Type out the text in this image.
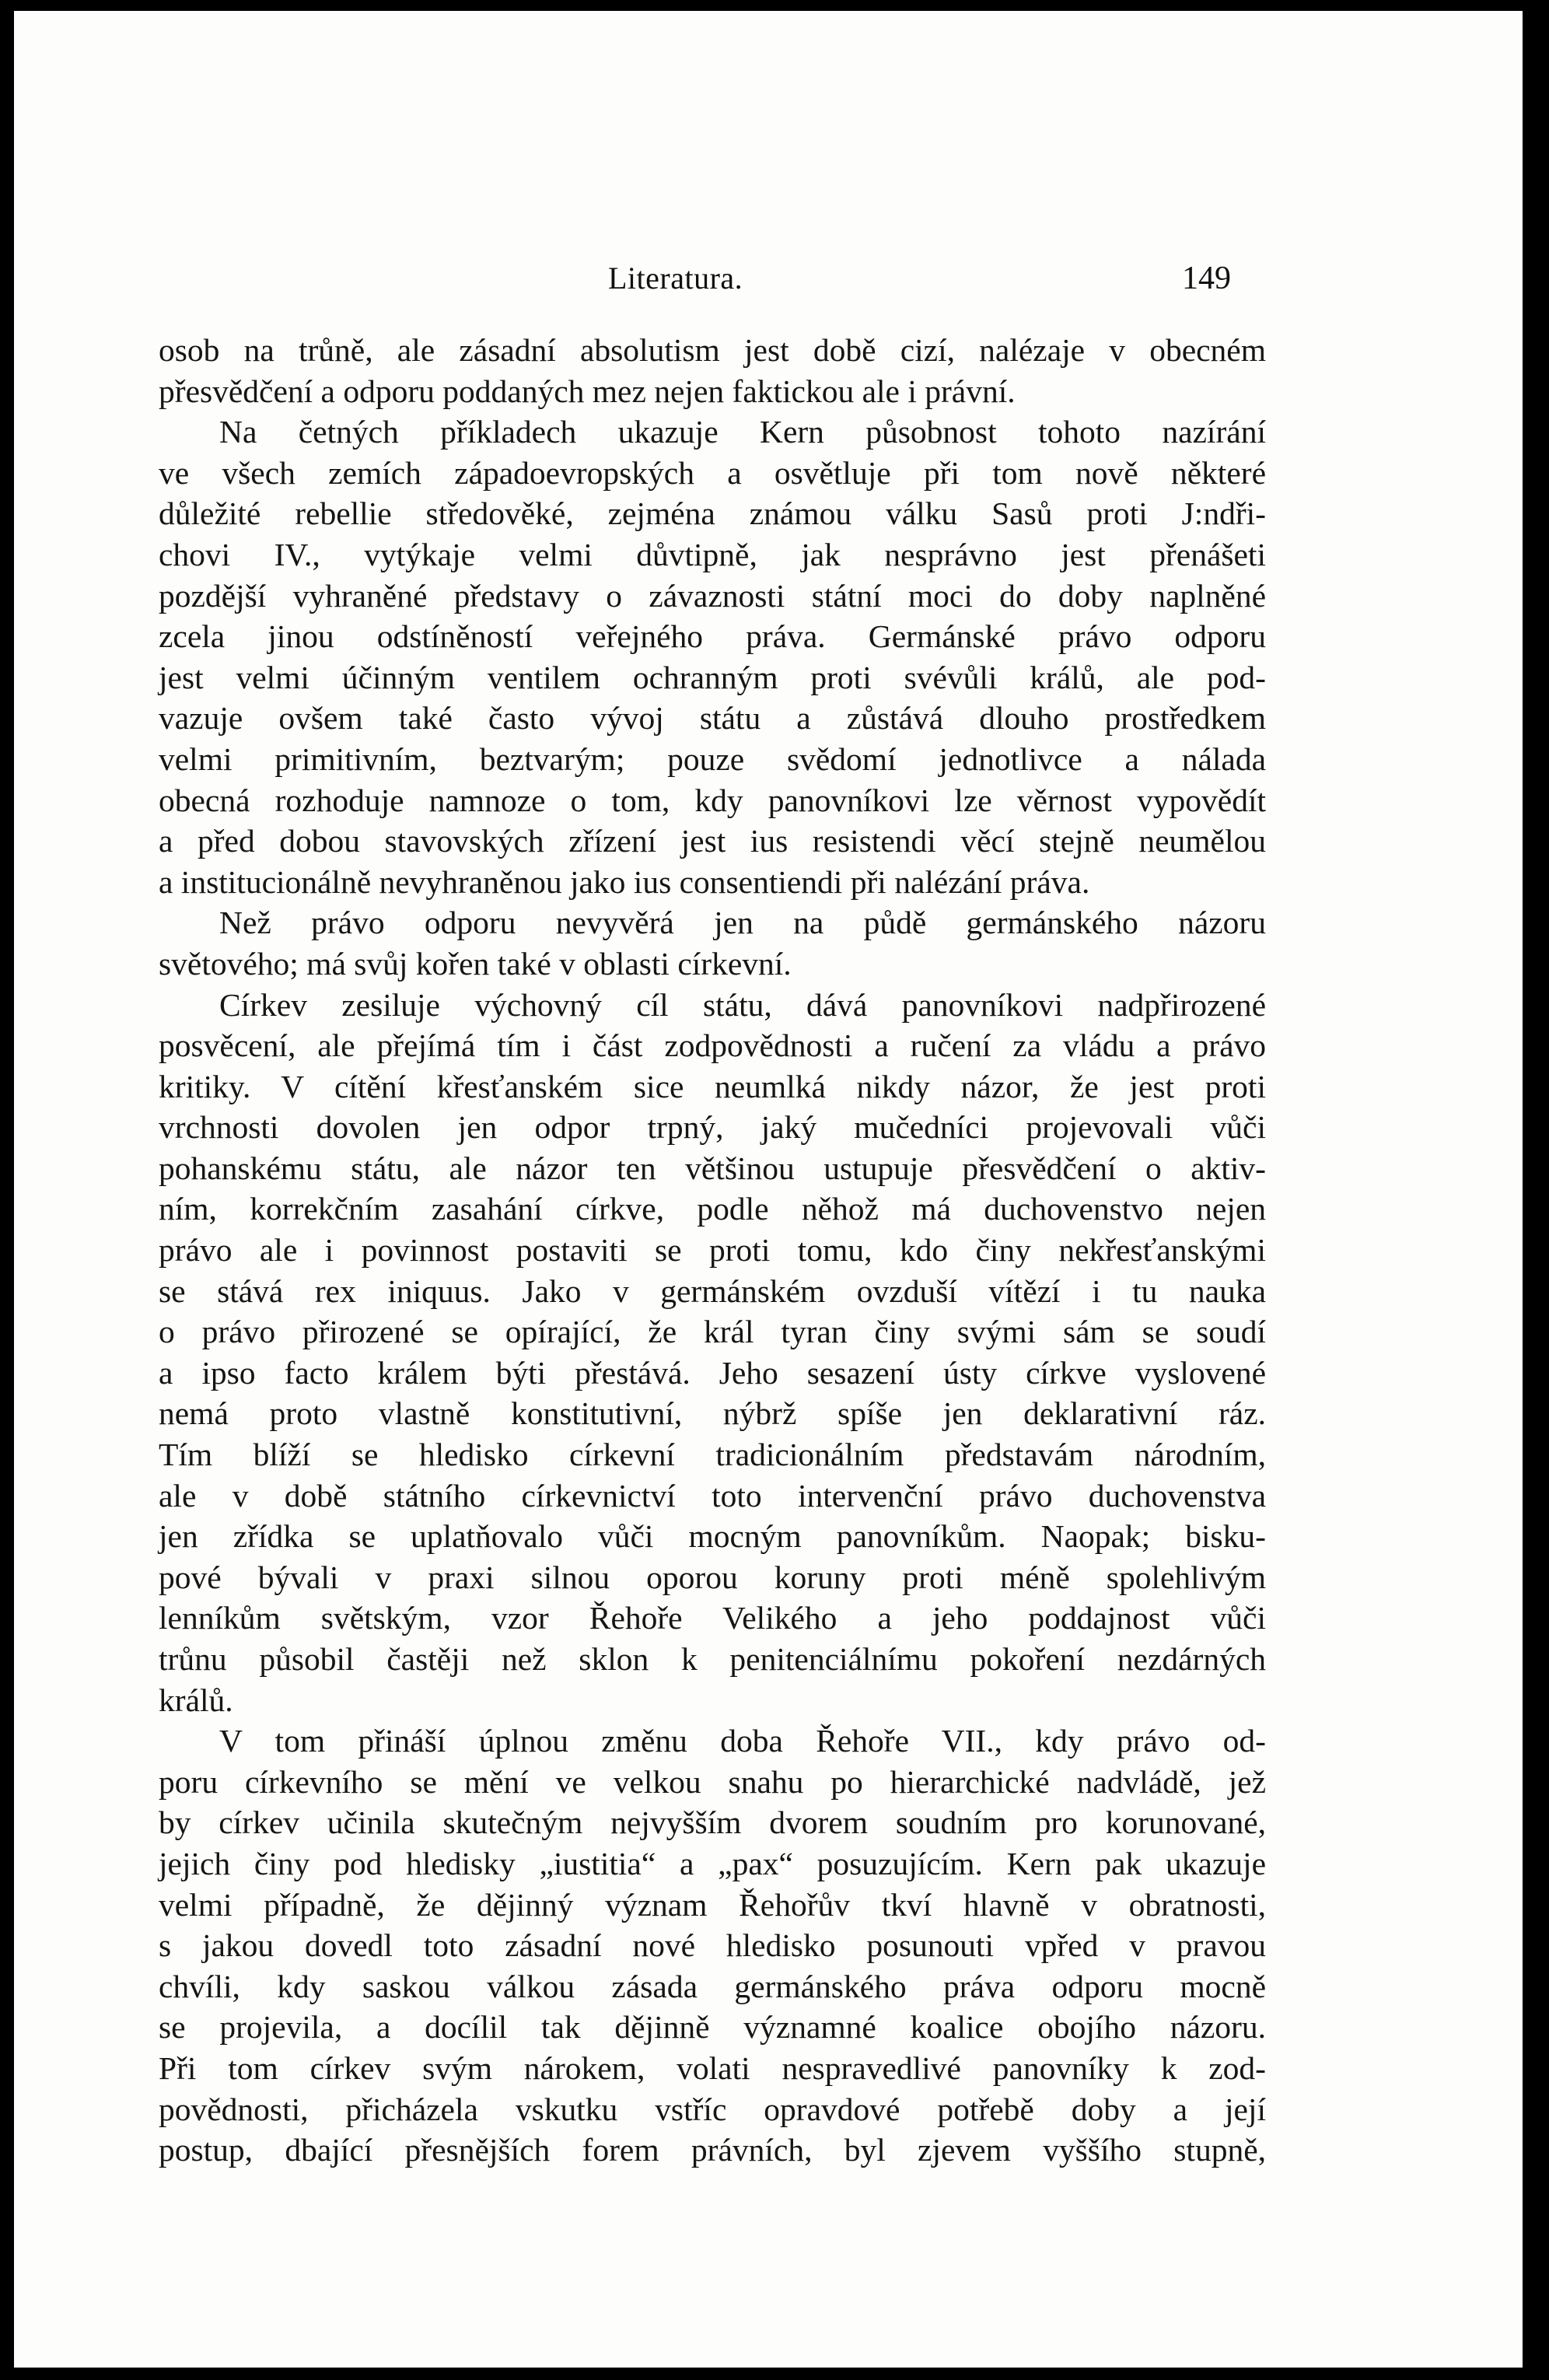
Literatura.	149
osob na trůně, ale zásadní absolutism jest době cizí, nalézaje v obecném
přesvědčení a odporu poddaných mez nejen faktickou ale i právní.
Na četných příkladech ukazuje Kern působnost tohoto nazírání
ve všech zemích západoevropských a osvětluje při tom nově některé
důležité rebellie středověké, zejména známou válku Sasů proti J:ndři-
chovi IV., vytýkaje velmi důvtipně, jak nesprávno jest přenášeti
pozdější vyhraněné představy o závaznosti státní moci do doby naplněné
zcela jinou odstíněností veřejného práva. Germánské právo odporu
jest velmi účinným ventilem ochranným proti svévůli králů, ale pod-
vazuje ovšem také často vývoj státu a zůstává dlouho prostředkem
velmi primitivním, beztvarým; pouze svědomí jednotlivce a nálada
obecná rozhoduje namnoze o tom, kdy panovníkovi lze věrnost vypovědít
a před dobou stavovských zřízení jest ius resistendi věcí stejně neumělou
a institucionálně nevyhraněnou jako ius consentiendi při nalézání práva.
Než právo odporu nevyvěrá jen na půdě germánského názoru
světového; má svůj kořen také v oblasti církevní.
Církev zesiluje výchovný cíl státu, dává panovníkovi nadpřirozené
posvěcení, ale přejímá tím i část zodpovědnosti a ručení za vládu a právo
kritiky. V cítění křesťanském sice neumlká nikdy názor, že jest proti
vrchnosti dovolen jen odpor trpný, jaký mučedníci projevovali vůči
pohanskému státu, ale názor ten většinou ustupuje přesvědčení o aktiv-
ním, korrekčním zasahání církve, podle něhož má duchovenstvo nejen
právo ale i povinnost postaviti se proti tomu, kdo činy nekřesťanskými
se stává rex iniquus. Jako v germánském ovzduší vítězí i tu nauka
o právo přirozené se opírající, že král tyran činy svými sám se soudí
a ipso facto králem býti přestává. Jeho sesazení ústy církve vyslovené
nemá proto vlastně konstitutivní, nýbrž spíše jen deklarativní ráz.
Tím blíží se hledisko církevní tradicionálním představám národním,
ale v době státního církevnictví toto intervenční právo duchovenstva
jen zřídka se uplatňovalo vůči mocným panovníkům. Naopak; bisku-
pové bývali v praxi silnou oporou koruny proti méně spolehlivým
lenníkům světským, vzor Řehoře Velikého a jeho poddajnost vůči
trůnu působil častěji než sklon k penitenciálnímu pokoření nezdárných
králů.
V tom přináší úplnou změnu doba Řehoře VII., kdy právo od-
poru církevního se mění ve velkou snahu po hierarchické nadvládě, jež
by církev učinila skutečným nejvyšším dvorem soudním pro korunované,
jejich činy pod hledisky „iustitia“ a „pax“ posuzujícím. Kern pak ukazuje
velmi případně, že dějinný význam Řehořův tkví hlavně v obratnosti,
s jakou dovedl toto zásadní nové hledisko posunouti vpřed v pravou
chvíli, kdy saskou válkou zásada germánského práva odporu mocně
se projevila, a docílil tak dějinně významné koalice obojího názoru.
Při tom církev svým nárokem, volati nespravedlivé panovníky k zod-
povědnosti, přicházela vskutku vstříc opravdové potřebě doby a její
postup, dbající přesnějších forem právních, byl zjevem vyššího stupně,
